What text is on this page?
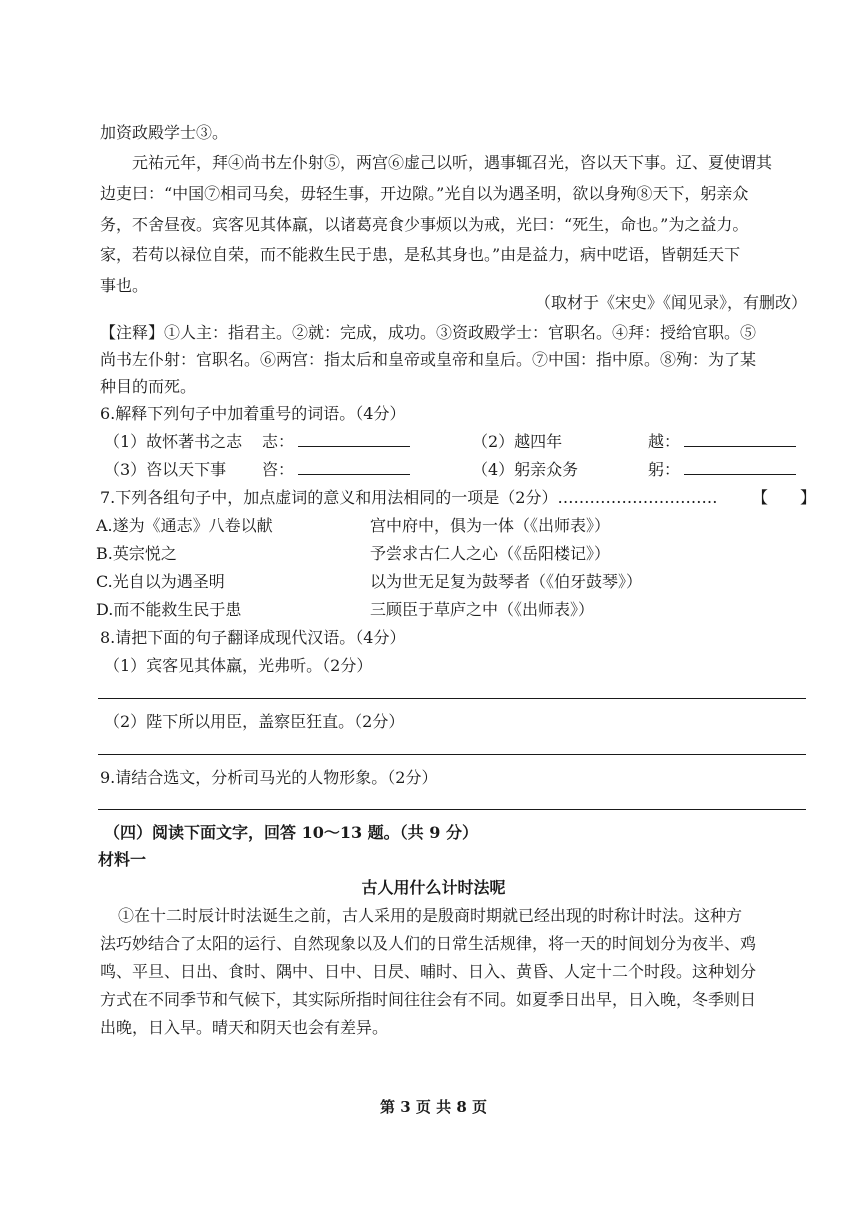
加资政殿学士③。
元祐元年，拜④尚书左仆射⑤，两宫⑥虚己以听，遇事辄召光，咨以天下事。辽、夏使谓其
边吏曰：“中国⑦相司马矣，毋轻生事，开边隙。”光自以为遇圣明，欲以身殉⑧天下，躬亲众
务，不舍昼夜。宾客见其体羸，以诸葛亮食少事烦以为戒，光曰：“死生，命也。”为之益力。
家，若苟以禄位自荣，而不能救生民于患，是私其身也。”由是益力，病中呓语，皆朝廷天下
事也。
（取材于《宋史》《闻见录》，有删改）
【注释】①人主：指君主。②就：完成，成功。③资政殿学士：官职名。④拜：授给官职。⑤
尚书左仆射：官职名。⑥两宫：指太后和皇帝或皇帝和皇后。⑦中国：指中原。⑧殉：为了某
种目的而死。
6.解释下列句子中加着重号的词语。（4分）
（1）故怀著书之志 志：	（2）越四年	越：
（3）咨以天下事 咨：	（4）躬亲众务	躬：
7.下列各组句子中，加点虚词的意义和用法相同的一项是（2分）………………………… 【　　】
A.遂为《通志》八卷以献	宫中府中，俱为一体（《出师表》）
B.英宗悦之	予尝求古仁人之心（《岳阳楼记》）
C.光自以为遇圣明	以为世无足复为鼓琴者（《伯牙鼓琴》）
D.而不能救生民于患	三顾臣于草庐之中（《出师表》）
8.请把下面的句子翻译成现代汉语。（4分）
（1）宾客见其体羸，光弗听。（2分）
（2）陛下所以用臣，盖察臣狂直。（2分）
9.请结合选文，分析司马光的人物形象。（2分）
（四）阅读下面文字，回答 10～13 题。（共 9 分）
材料一
古人用什么计时法呢
①在十二时辰计时法诞生之前，古人采用的是殷商时期就已经出现的时称计时法。这种方
法巧妙结合了太阳的运行、自然现象以及人们的日常生活规律，将一天的时间划分为夜半、鸡
鸣、平旦、日出、食时、隅中、日中、日昃、晡时、日入、黄昏、人定十二个时段。这种划分
方式在不同季节和气候下，其实际所指时间往往会有不同。如夏季日出早，日入晚，冬季则日
出晚，日入早。晴天和阴天也会有差异。
第 3 页 共 8 页
